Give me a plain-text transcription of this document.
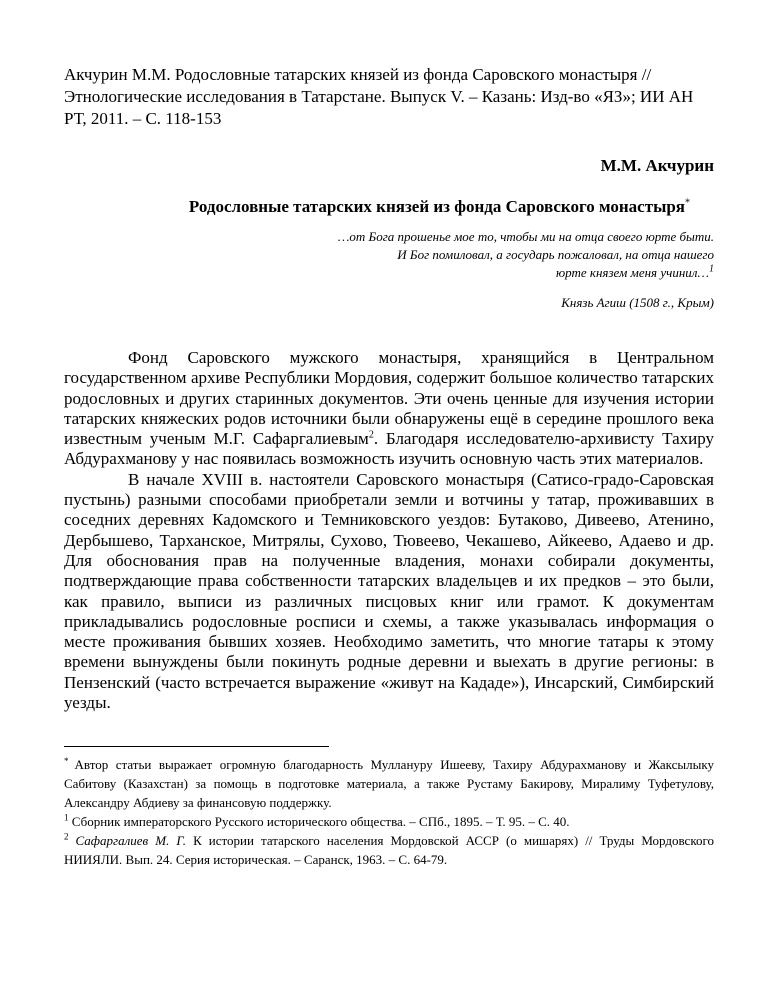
Акчурин М.М. Родословные татарских князей из фонда Саровского монастыря // Этнологические исследования в Татарстане. Выпуск V. – Казань: Изд-во «ЯЗ»; ИИ АН РТ, 2011. – С. 118-153

М.М. Акчурин

Родословные татарских князей из фонда Саровского монастыря*

…от Бога прошенье мое то, чтобы ми на отца своего юрте быти.
И Бог помиловал, а государь пожаловал, на отца нашего
юрте князем меня учинил…$^1$

Князь Агиш (1508 г., Крым)

Фонд Саровского мужского монастыря, хранящийся в Центральном государственном архиве Республики Мордовия, содержит большое количество татарских родословных и других старинных документов. Эти очень ценные для изучения истории татарских княжеских родов источники были обнаружены ещё в середине прошлого века известным ученым М.Г. Сафаргалиевым$^2$. Благодаря исследователю-архивисту Тахиру Абдурахманову у нас появилась возможность изучить основную часть этих материалов.

В начале XVIII в. настоятели Саровского монастыря (Сатисо-градо-Саровская пустынь) разными способами приобретали земли и вотчины у татар, проживавших в соседних деревнях Кадомского и Темниковского уездов: Бутаково, Дивеево, Атенино, Дербышево, Тарханское, Митрялы, Сухово, Тювеево, Чекашево, Айкеево, Адаево и др. Для обоснования прав на полученные владения, монахи собирали документы, подтверждающие права собственности татарских владельцев и их предков – это были, как правило, выписи из различных писцовых книг или грамот. К документам прикладывались родословные росписи и схемы, а также указывалась информация о месте проживания бывших хозяев. Необходимо заметить, что многие татары к этому времени вынуждены были покинуть родные деревни и выехать в другие регионы: в Пензенский (часто встречается выражение «живут на Кададе»), Инсарский, Симбирский уезды.

* Автор статьи выражает огромную благодарность Муллануру Ишееву, Тахиру Абдурахманову и Жаксылыку Сабитову (Казахстан) за помощь в подготовке материала, а также Рустаму Бакирову, Миралиму Туфетулову, Александру Абдиеву за финансовую поддержку.

$^1$ Сборник императорского Русского исторического общества. – СПб., 1895. – Т. 95. – С. 40.

$^2$ Сафаргалиев М. Г. К истории татарского населения Мордовской АССР (о мишарях) // Труды Мордовского НИИЯЛИ. Вып. 24. Серия историческая. – Саранск, 1963. – С. 64-79.
